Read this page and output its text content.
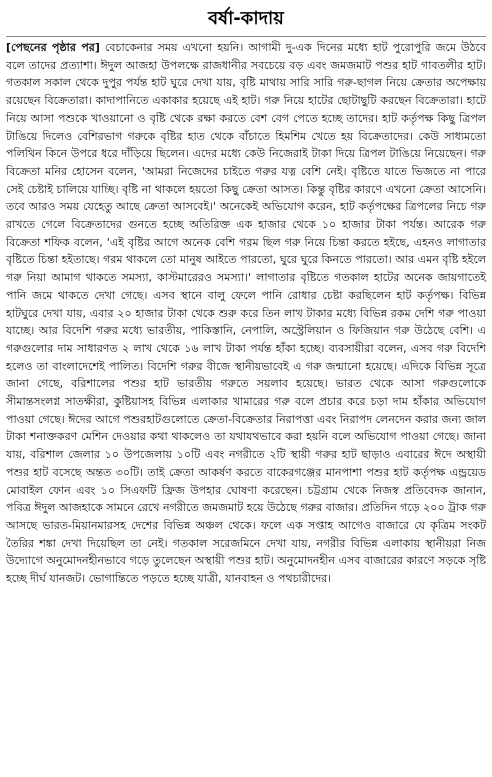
বর্ষা-কাদায়
[পেছনের পৃষ্ঠার পর] বেচাকেনার সময় এখনো হয়নি। আগামী দু-এক দিনের মধ্যে হাট পুরোপুরি জমে উঠবে বলে তাদের প্রত্যাশা। ঈদুল আজহা উপলক্ষে রাজধানীর সবচেয়ে বড় এবং জমজমাট পশুর হাট গাবতলীর হাট। গতকাল সকাল থেকে দুপুর পর্যন্ত হাট ঘুরে দেখা যায়, বৃষ্টি মাথায় সারি সারি গরু-ছাগল নিয়ে ক্রেতার অপেক্ষায় রয়েছেন বিক্রেতারা। কাদাপানিতে একাকার হয়েছে এই হাট। গরু নিয়ে হাটের ছোটাছুটি করছেন বিক্রেতারা। হাটে নিয়ে আসা পশুকে খাওয়ানো ও বৃষ্টি থেকে রক্ষা করতে বেশ বেগ পেতে হচ্ছে তাদের। হাট কর্তৃপক্ষ কিছু ত্রিপল টাঙিয়ে দিলেও বেশিরভাগ গরুকে বৃষ্টির হাত থেকে বাঁচাতে হিমশিম খেতে হয় বিক্রেতাদের। কেউ সাধ্যমতো পলিথিন কিনে উপরে ধরে দাঁড়িয়ে ছিলেন। এদের মধ্যে কেউ নিজেরাই টাকা দিয়ে ত্রিপল টাঙিয়ে নিয়েছেন। গরু বিক্রেতা মনির হোসেন বলেন, 'আমরা নিজেদের চাইতে গরুর যত্ন বেশি নেই। বৃষ্টিতে যাতে ভিজতে না পারে সেই চেষ্টাই চালিয়ে যাচ্ছি। বৃষ্টি না থাকলে হয়তো কিছু ক্রেতা আসত। কিন্তু বৃষ্টির কারণে এখনো ক্রেতা আসেনি। তবে আরও সময় যেহেতু আছে ক্রেতা আসবেই।' অনেকেই অভিযোগ করেন, হাট কর্তৃপক্ষের ত্রিপলের নিচে গরু রাখতে গেলে বিক্রেতাদের গুনতে হচ্ছে অতিরিক্ত এক হাজার থেকে ১০ হাজার টাকা পর্যন্ত। আরেক গরু বিক্রেতা শফিক বলেন, 'এই বৃষ্টির আগে অনেক বেশি গরম ছিল গরু নিয়ে চিন্তা করতে হইছে, এহনও লাগাতার বৃষ্টিতে চিন্তা হইতাছে। গরম থাকলে তো মানুষ আইতে পারতো, ঘুরে ঘুরে কিনতে পারতো। আর এমন বৃষ্টি হইলে গরু নিয়া আমাগ থাকতে সমস্যা, কাস্টমারেরও সমস্যা।' লাগাতার বৃষ্টিতে গতকাল হাটের অনেক জায়গাতেই পানি জমে থাকতে দেখা গেছে। এসব স্থানে বালু ফেলে পানি রোধার চেষ্টা করছিলেন হাট কর্তৃপক্ষ। বিভিন্ন হাটঘুরে দেখা যায়, এবার ২০ হাজার টাকা থেকে শুরু করে তিন লাখ টাকার মধ্যে বিভিন্ন রকম দেশি গরু পাওয়া যাচ্ছে। আর বিদেশি গরুর মধ্যে ভারতীয়, পাকিস্তানি, নেপালি, অস্ট্রেলিয়ান ও ফিজিয়ান গরু উঠেছে বেশি। এ গরুগুলোর দাম সাধারণত ২ লাখ থেকে ১৬ লাখ টাকা পর্যন্ত হাঁকা হচ্ছে। ব্যবসায়ীরা বলেন, এসব গরু বিদেশি হলেও তা বাংলাদেশেই পালিত। বিদেশি গরুর বীজে স্থানীয়ভাবেই এ গরু জন্মানো হয়েছে। এদিকে বিভিন্ন সূত্রে জানা গেছে, বরিশালের পশুর হাট ভারতীয় গরুতে সয়লাব হয়েছে। ভারত থেকে আসা গরুগুলোকে সীমান্তসংলগ্ন সাতক্ষীরা, কুষ্টিয়াসহ বিভিন্ন এলাকার খামারের গরু বলে প্রচার করে চড়া দাম হাঁকার অভিযোগ পাওয়া গেছে। ঈদের আগে পশুরহাটগুলোতে ক্রেতা-বিক্রেতার নিরাপত্তা এবং নিরাপদ লেনদেন করার জন্য জাল টাকা শনাক্তকরণ মেশিন দেওয়ার কথা থাকলেও তা যথাযথভাবে করা হয়নি বলে অভিযোগ পাওয়া গেছে। জানা যায়, বরিশাল জেলার ১০ উপজেলায় ১০টি এবং নগরীতে ২টি স্থায়ী গরুর হাট ছাড়াও এবারের ঈদে অস্থায়ী পশুর হাট বসেছে অন্তত ৩০টি। তাই ক্রেতা আকর্ষণ করতে বাকেরগঞ্জের মানপাশা পশুর হাট কর্তৃপক্ষ এন্ড্রয়েড মোবাইল ফোন এবং ১০ সিএফটি ফ্রিজ উপহার ঘোষণা করেছেন। চট্টগ্রাম থেকে নিজস্ব প্রতিবেদক জানান, পবিত্র ঈদুল আজহাকে সামনে রেখে নগরীতে জমজমাট হয়ে উঠেছে গরুর বাজার। প্রতিদিন গড়ে ২০০ ট্রাক গরু আসছে ভারত-মিয়ানমারসহ দেশের বিভিন্ন অঞ্চল থেকে। ফলে এক সপ্তাহ আগেও বাজারে যে কৃত্রিম সংকট তৈরির শঙ্কা দেখা দিয়েছিল তা নেই। গতকাল সরেজমিনে দেখা যায়, নগরীর বিভিন্ন এলাকায় স্থানীয়রা নিজ উদ্যোগে অনুমোদনহীনভাবে গড়ে তুলেছেন অস্থায়ী পশুর হাট। অনুমোদনহীন এসব বাজারের কারণে সড়কে সৃষ্টি হচ্ছে দীর্ঘ যানজট। ভোগান্তিতে পড়তে হচ্ছে যাত্রী, যানবাহন ও পথচারীদের।
